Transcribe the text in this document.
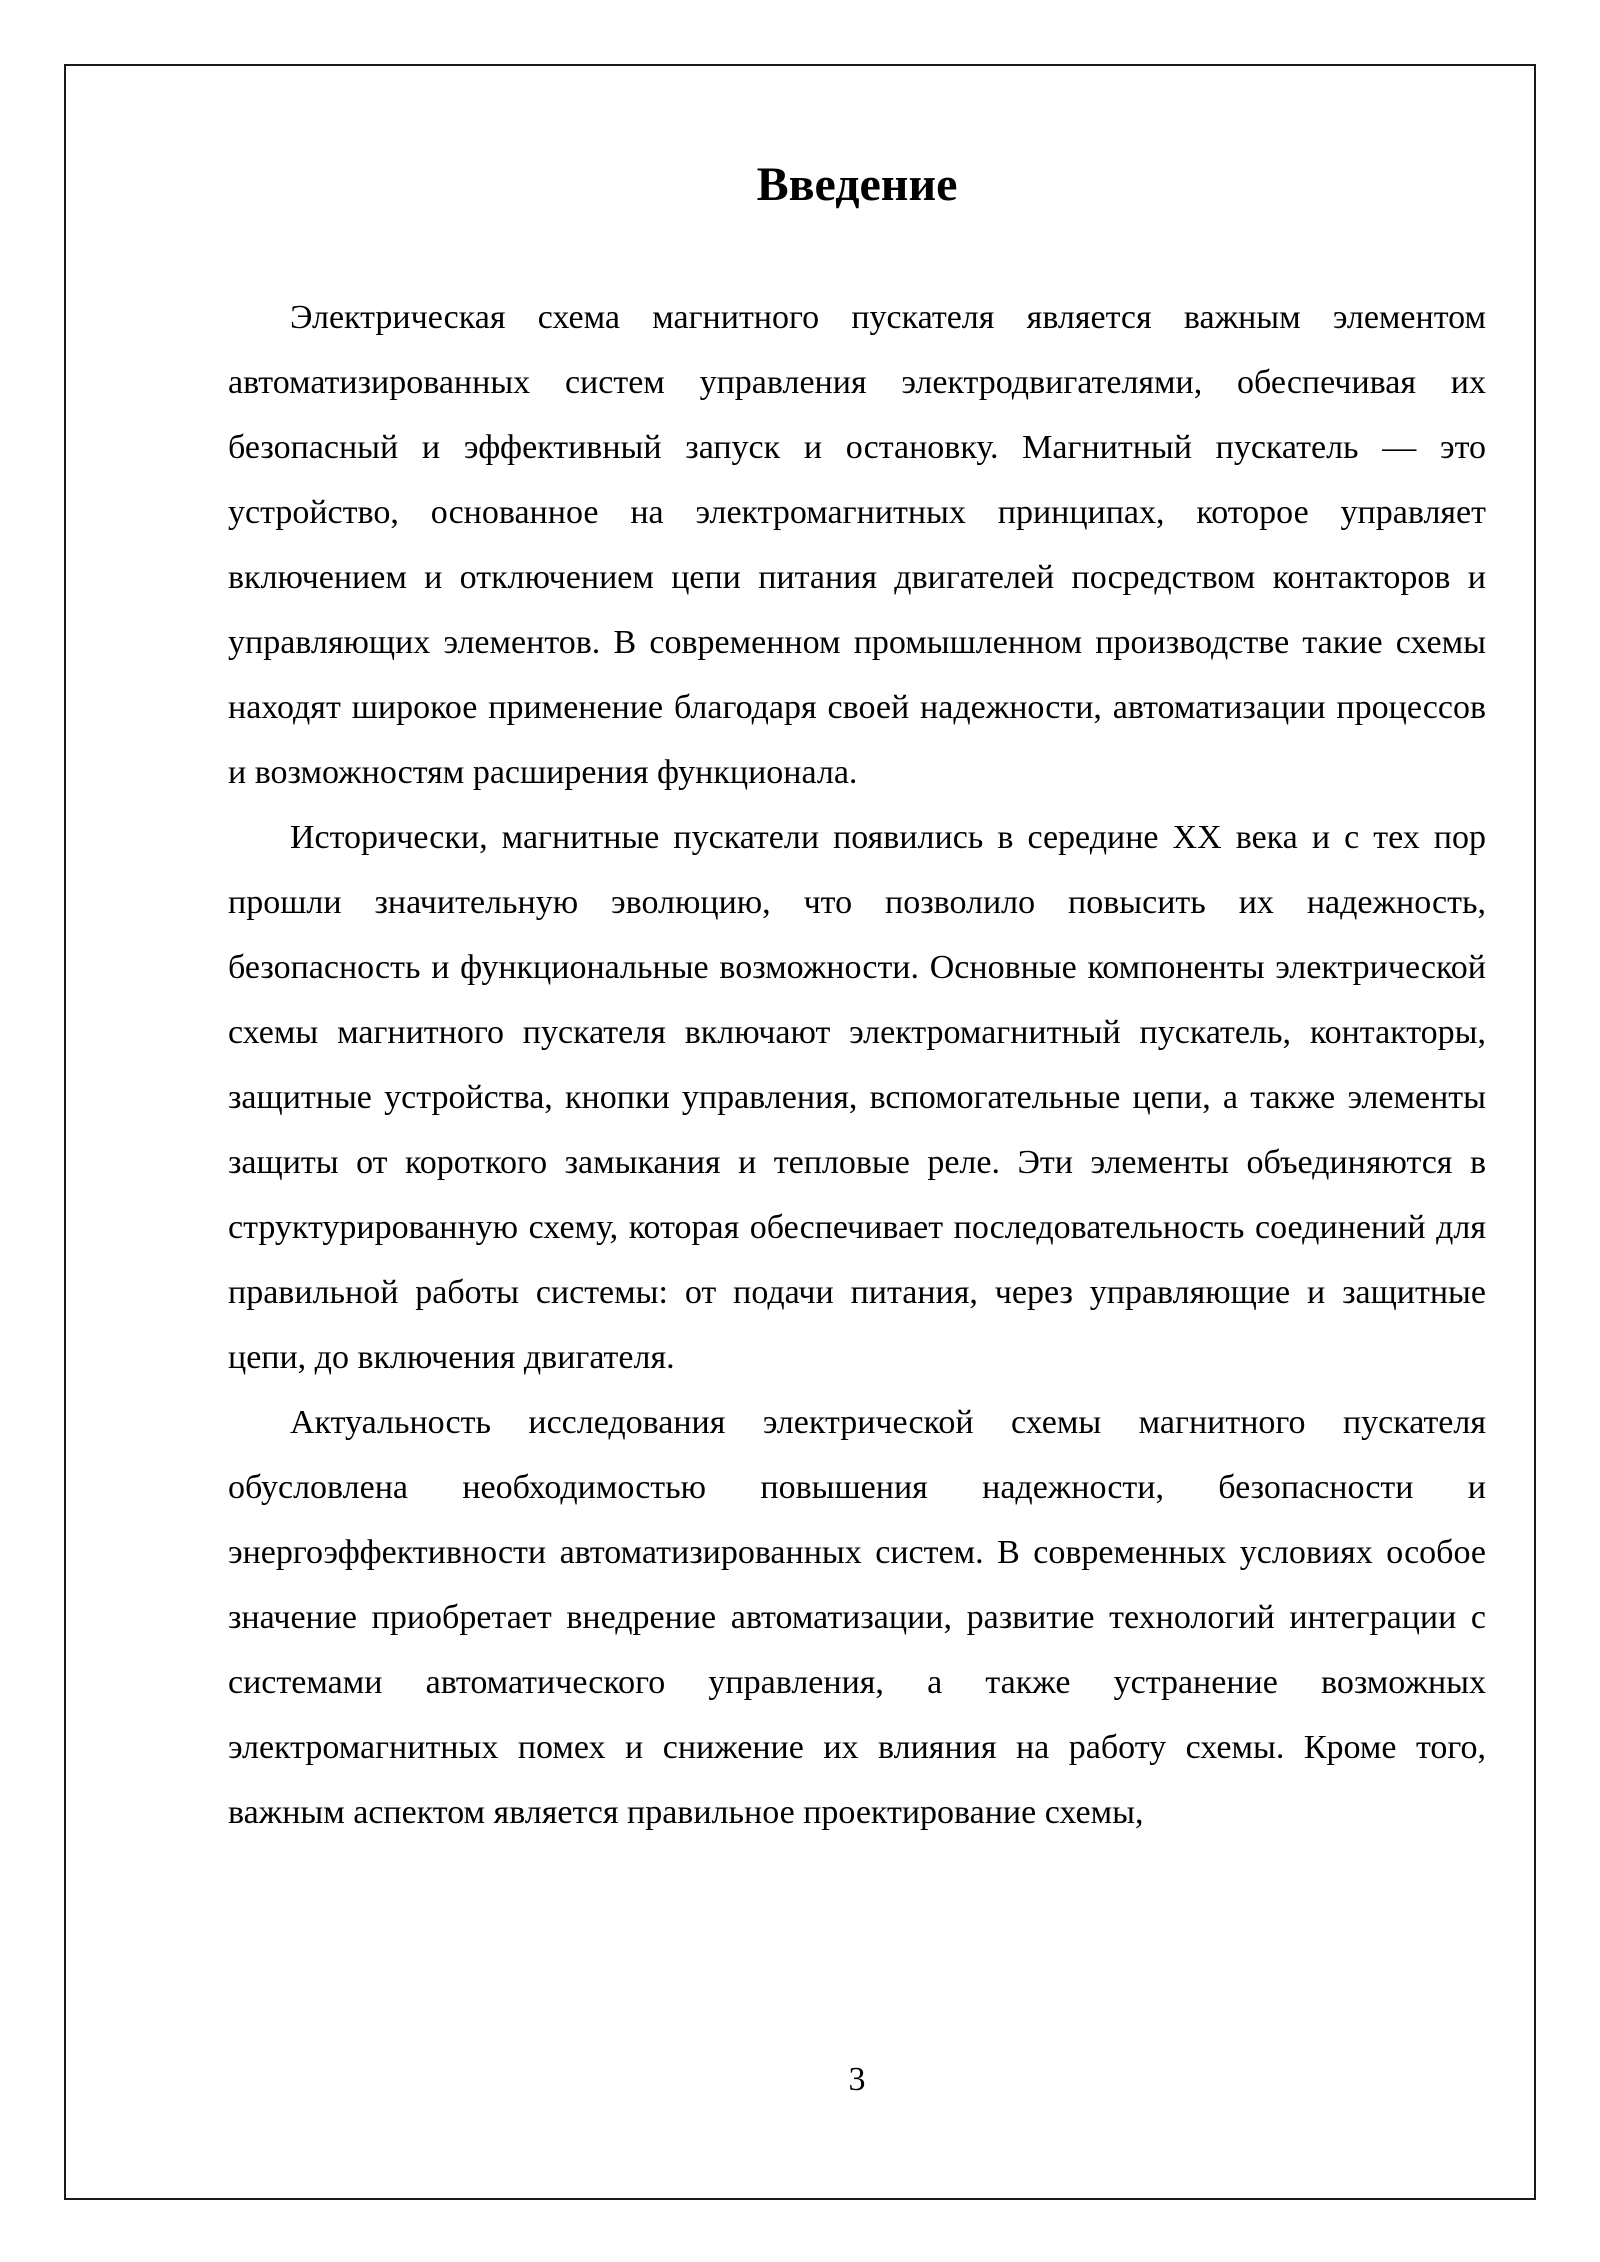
Введение

Электрическая схема магнитного пускателя является важным элементом автоматизированных систем управления электродвигателями, обеспечивая их безопасный и эффективный запуск и остановку. Магнитный пускатель — это устройство, основанное на электромагнитных принципах, которое управляет включением и отключением цепи питания двигателей посредством контакторов и управляющих элементов. В современном промышленном производстве такие схемы находят широкое применение благодаря своей надежности, автоматизации процессов и возможностям расширения функционала.

Исторически, магнитные пускатели появились в середине XX века и с тех пор прошли значительную эволюцию, что позволило повысить их надежность, безопасность и функциональные возможности. Основные компоненты электрической схемы магнитного пускателя включают электромагнитный пускатель, контакторы, защитные устройства, кнопки управления, вспомогательные цепи, а также элементы защиты от короткого замыкания и тепловые реле. Эти элементы объединяются в структурированную схему, которая обеспечивает последовательность соединений для правильной работы системы: от подачи питания, через управляющие и защитные цепи, до включения двигателя.

Актуальность исследования электрической схемы магнитного пускателя обусловлена необходимостью повышения надежности, безопасности и энергоэффективности автоматизированных систем. В современных условиях особое значение приобретает внедрение автоматизации, развитие технологий интеграции с системами автоматического управления, а также устранение возможных электромагнитных помех и снижение их влияния на работу схемы. Кроме того, важным аспектом является правильное проектирование схемы,

3
